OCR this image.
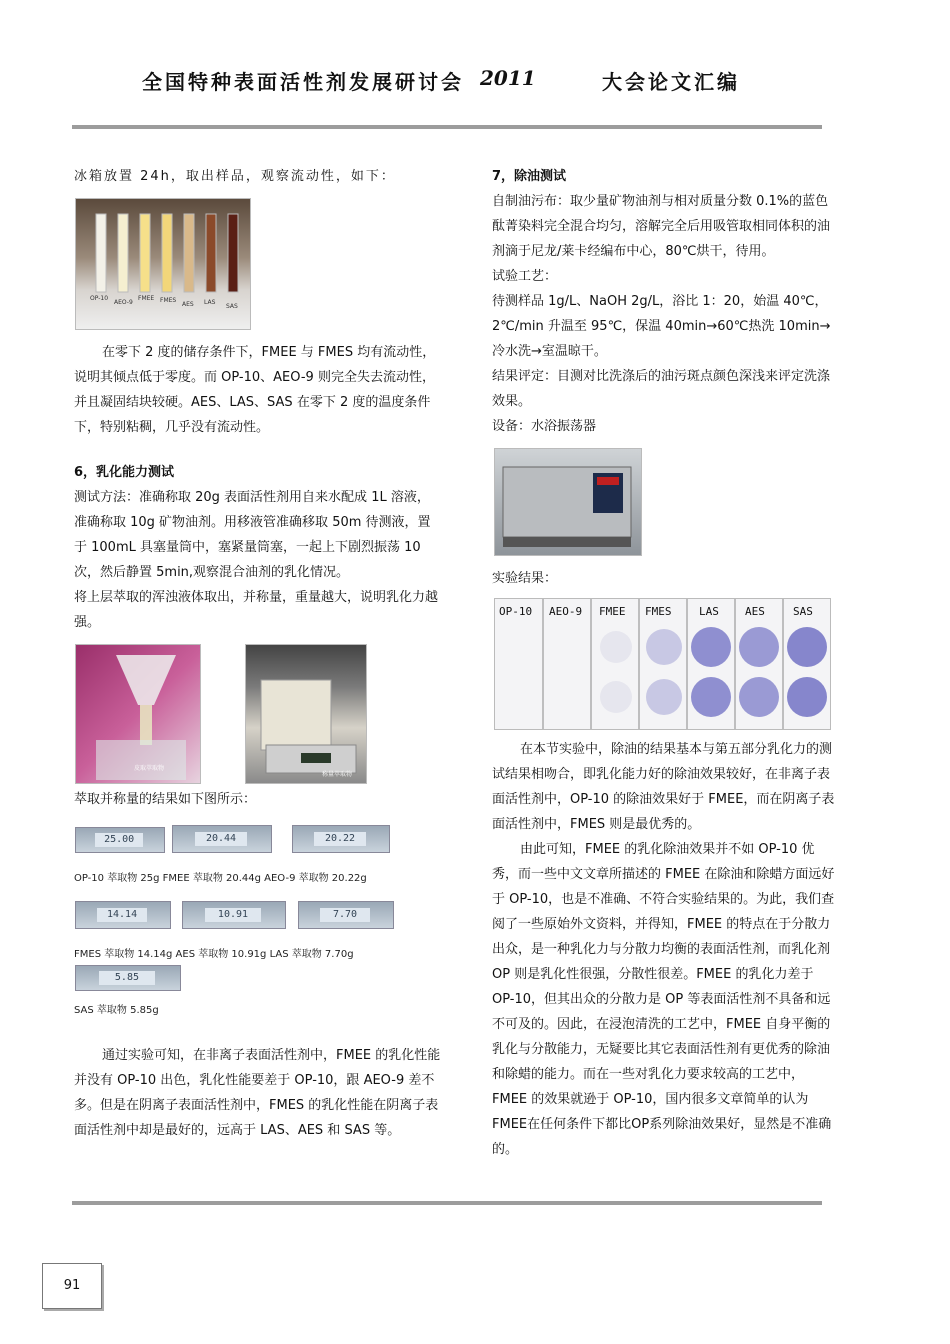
全国特种表面活性剂发展研讨会 2011	大会论文汇编

冰箱放置 24h，取出样品，观察流动性，如下：

OP-10
AEO-9
FMEE FMES
AES LAS
SAS

在零下 2 度的储存条件下，FMEE 与 FMES 均有流动性，说明其倾点低于零度。而 OP-10、AEO-9 则完全失去流动性，并且凝固结块较硬。AES、LAS、SAS 在零下 2 度的温度条件下，特别粘稠，几乎没有流动性。

6，乳化能力测试

测试方法：准确称取 20g 表面活性剂用自来水配成 1L 溶液，准确称取 10g 矿物油剂。用移液管准确移取 50m 待测液，置于 100mL 具塞量筒中，塞紧量筒塞，一起上下剧烈振荡 10 次，然后静置 5min,观察混合油剂的乳化情况。

将上层萃取的浑浊液体取出，并称量，重量越大，说明乳化力越强。

皮取萃取物
称量萃取物

萃取并称量的结果如下图所示：

25.00	20.44	20.22
OP-10 萃取物 25g FMEE 萃取物 20.44g AEO-9 萃取物 20.22g
14.14	10.91	7.70
FMES 萃取物 14.14g AES 萃取物 10.91g LAS 萃取物 7.70g
5.85
SAS 萃取物 5.85g

通过实验可知，在非离子表面活性剂中，FMEE 的乳化性能并没有 OP-10 出色，乳化性能要差于 OP-10，跟 AEO-9 差不多。但是在阴离子表面活性剂中，FMES 的乳化性能在阴离子表面活性剂中却是最好的，远高于 LAS、AES 和 SAS 等。

7，除油测试

自制油污布：取少量矿物油剂与相对质量分数 0.1%的蓝色酞菁染料完全混合均匀，溶解完全后用吸管取相同体积的油剂滴于尼龙/莱卡经编布中心，80℃烘干，待用。

试验工艺：

待测样品 1g/L、NaOH 2g/L，浴比 1：20，始温 40℃，2℃/min 升温至 95℃，保温 40min→60℃热洗 10min→冷水洗→室温晾干。

结果评定：目测对比洗涤后的油污斑点颜色深浅来评定洗涤效果。

设备：水浴振荡器

实验结果：

OP-10 AEO-9 FMEE FMES	LAS AES	SAS

在本节实验中，除油的结果基本与第五部分乳化力的测试结果相吻合，即乳化能力好的除油效果较好，在非离子表面活性剂中，OP-10 的除油效果好于 FMEE，而在阴离子表面活性剂中，FMES 则是最优秀的。

由此可知，FMEE 的乳化除油效果并不如 OP-10 优秀，而一些中文文章所描述的 FMEE 在除油和除蜡方面远好于 OP-10，也是不准确、不符合实验结果的。为此，我们查阅了一些原始外文资料，并得知，FMEE 的特点在于分散力出众，是一种乳化力与分散力均衡的表面活性剂，而乳化剂 OP 则是乳化性很强，分散性很差。FMEE 的乳化力差于 OP-10，但其出众的分散力是 OP 等表面活性剂不具备和远不可及的。因此，在浸泡清洗的工艺中，FMEE 自身平衡的乳化与分散能力，无疑要比其它表面活性剂有更优秀的除油和除蜡的能力。而在一些对乳化力要求较高的工艺中，FMEE 的效果就逊于 OP-10，国内很多文章简单的认为FMEE在任何条件下都比OP系列除油效果好，显然是不准确的。

91
